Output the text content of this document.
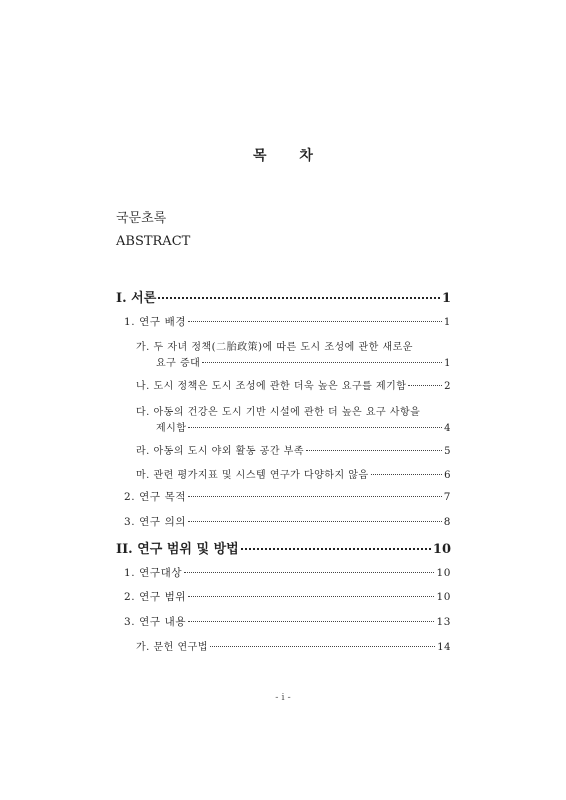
목 차
국문초록
ABSTRACT
I. 서론	1
1. 연구 배경	1
가. 두 자녀 정책(二胎政策)에 따른 도시 조성에 관한 새로운
요구 증대	1
나. 도시 정책은 도시 조성에 관한 더욱 높은 요구를 제기함	2
다. 아동의 건강은 도시 기반 시설에 관한 더 높은 요구 사항을
제시함	4
라. 아동의 도시 야외 활동 공간 부족	5
마. 관련 평가지표 및 시스템 연구가 다양하지 않음	6
2. 연구 목적	7
3. 연구 의의	8
II. 연구 범위 및 방법	10
1. 연구대상	10
2. 연구 범위	10
3. 연구 내용	13
가. 문헌 연구법	14
- i -
